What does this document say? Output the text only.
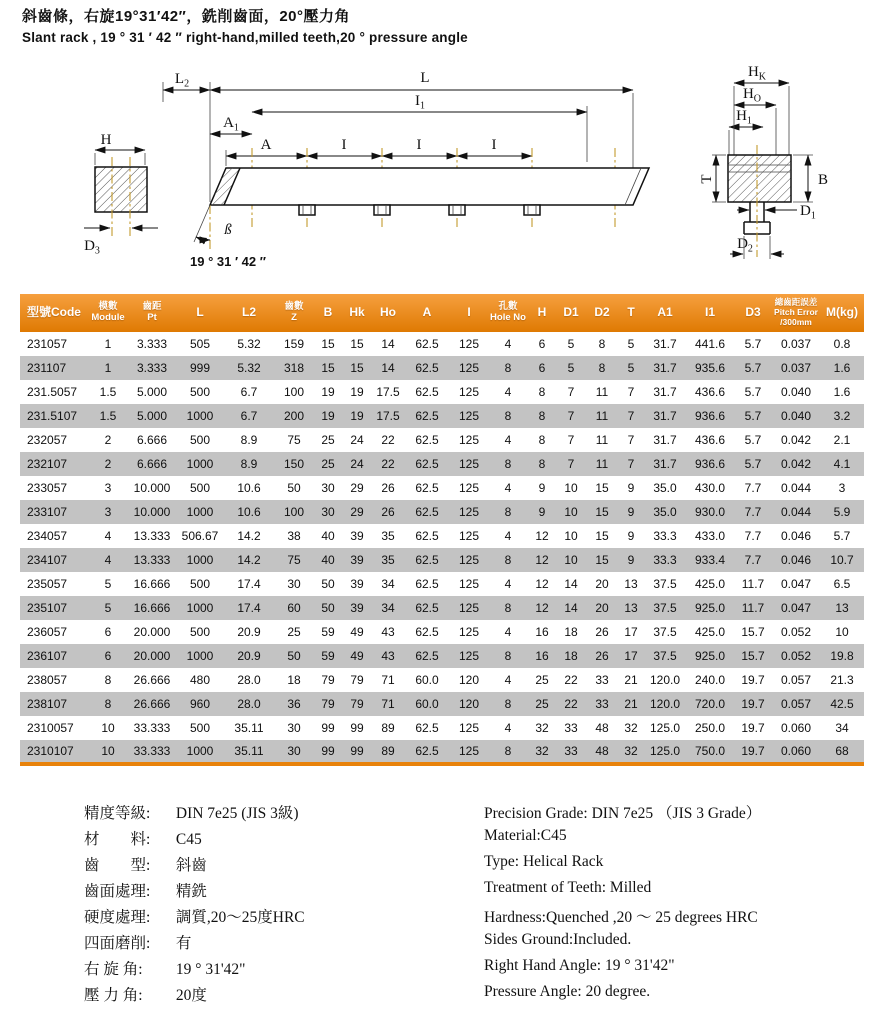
斜齒條，右旋19°31′42″，銑削齒面，20°壓力角
Slant rack , 19 ° 31 ′ 42 ″ right-hand,milled teeth,20 ° pressure angle
H
$D_3$
$L_2$	L
$I_1$
$A_1$
A	I	I	I
ß
19 ° 31 ′ 42 ″
$H_K$
$H_O$
$H_1$
T	B
$D_1$
$D_2$
型號Code	模數
Module

齒距
Pt	L	L2	齒數
Z	B	Hk	Ho	A	I	孔數
Hole No	H	D1	D2	T	A1	I1	D3

總齒距誤差
Pitch Error
/300mm

M(kg)

231057	1	3.333	505	5.32	159	15	15	14	62.5	125	4	6	5	8	5	31.7	441.6	5.7	0.037	0.8
231107	1	3.333	999	5.32	318	15	15	14	62.5	125	8	6	5	8	5	31.7	935.6	5.7	0.037	1.6
231.5057	1.5	5.000	500	6.7	100	19	19	17.5	62.5	125	4	8	7	11	7	31.7	436.6	5.7	0.040	1.6
231.5107	1.5	5.000	1000	6.7	200	19	19	17.5	62.5	125	8	8	7	11	7	31.7	936.6	5.7	0.040	3.2
232057	2	6.666	500	8.9	75	25	24	22	62.5	125	4	8	7	11	7	31.7	436.6	5.7	0.042	2.1
232107	2	6.666	1000	8.9	150	25	24	22	62.5	125	8	8	7	11	7	31.7	936.6	5.7	0.042	4.1
233057	3	10.000	500	10.6	50	30	29	26	62.5	125	4	9	10	15	9	35.0	430.0	7.7	0.044	3
233107	3	10.000	1000	10.6	100	30	29	26	62.5	125	8	9	10	15	9	35.0	930.0	7.7	0.044	5.9
234057	4	13.333	506.67	14.2	38	40	39	35	62.5	125	4	12	10	15	9	33.3	433.0	7.7	0.046	5.7
234107	4	13.333	1000	14.2	75	40	39	35	62.5	125	8	12	10	15	9	33.3	933.4	7.7	0.046	10.7
235057	5	16.666	500	17.4	30	50	39	34	62.5	125	4	12	14	20	13	37.5	425.0	11.7	0.047	6.5
235107	5	16.666	1000	17.4	60	50	39	34	62.5	125	8	12	14	20	13	37.5	925.0	11.7	0.047	13
236057	6	20.000	500	20.9	25	59	49	43	62.5	125	4	16	18	26	17	37.5	425.0	15.7	0.052	10
236107	6	20.000	1000	20.9	50	59	49	43	62.5	125	8	16	18	26	17	37.5	925.0	15.7	0.052	19.8
238057	8	26.666	480	28.0	18	79	79	71	60.0	120	4	25	22	33	21	120.0	240.0	19.7	0.057	21.3
238107	8	26.666	960	28.0	36	79	79	71	60.0	120	8	25	22	33	21	120.0	720.0	19.7	0.057	42.5
2310057	10	33.333	500	35.11	30	99	99	89	62.5	125	4	32	33	48	32	125.0	250.0	19.7	0.060	34
2310107	10	33.333	1000	35.11	30	99	99	89	62.5	125	8	32	33	48	32	125.0	750.0	19.7	0.060	68
精度等級: DIN 7e25 (JIS 3級)
材　　料: C45
齒　　型: 斜齒
齒面處理: 精銑
硬度處理: 調質,20～25度HRC
四面磨削: 有
右 旋 角: 19 ° 31'42"
壓 力 角: 20度
Precision Grade: DIN 7e25 （JIS 3 Grade）
Material:C45
Type: Helical Rack
Treatment of Teeth: Milled
Hardness:Quenched ,20 ～ 25 degrees HRC
Sides Ground:Included.
Right Hand Angle: 19 ° 31'42"
Pressure Angle: 20 degree.
